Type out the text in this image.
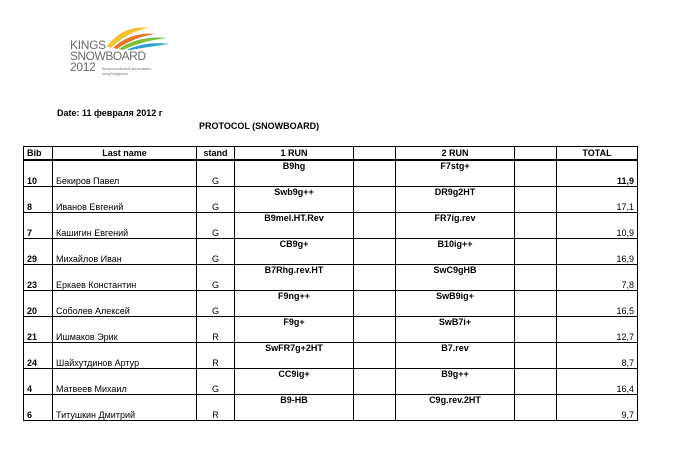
KINGS
SNOWBOARD
2012	Всероссийский фестиваль сноубординга
Date: 11 февраля 2012 г
PROTOCOL (SNOWBOARD)
Bib	Last name	stand	1 RUN		2 RUN		TOTAL
10	Бекиров Павел	G	B9hg		F7stg+		11,9
8	Иванов Евгений	G	Swb9g++		DR9g2HT		17,1
7	Кашигин Евгений	G	B9mel.HT.Rev		FR7ig.rev		10,9
29	Михайлов Иван	G	CB9g+		B10ig++		16,9
23	Еркаев Константин	G	B7Rhg.rev.HT		SwC9gHB		7,8
20	Соболев Алексей	G	F9ng++		SwB9ig+		16,5
21	Ишмаков Эрик	R	F9g+		SwB7i+		12,7
24	Шайхутдинов Артур	R	SwFR7g+2HT		B7.rev		8,7
4	Матвеев Михаил	G	CC9ig+		B9g++		16,4
6	Титушкин Дмитрий	R	B9-HB		C9g.rev.2HT		9,7
